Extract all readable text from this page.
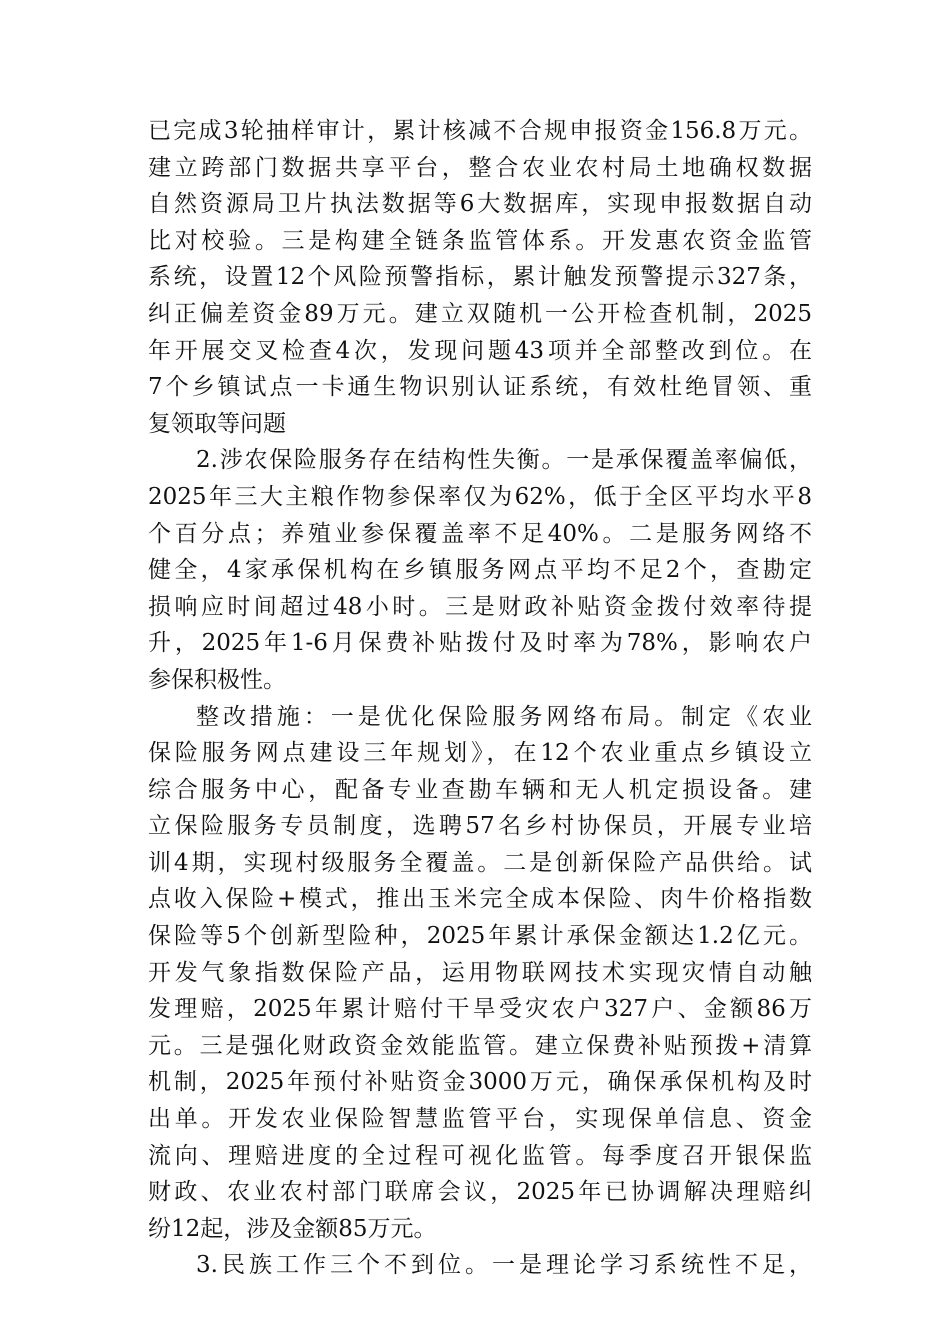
已完成3轮抽样审计，累计核减不合规申报资金156.8万元。
建立跨部门数据共享平台，整合农业农村局土地确权数据
自然资源局卫片执法数据等6大数据库，实现申报数据自动
比对校验。三是构建全链条监管体系。开发惠农资金监管
系统，设置12个风险预警指标，累计触发预警提示327条，
纠正偏差资金89万元。建立双随机一公开检查机制，2025
年开展交叉检查4次，发现问题43项并全部整改到位。在
7个乡镇试点一卡通生物识别认证系统，有效杜绝冒领、重
复领取等问题
2.涉农保险服务存在结构性失衡。一是承保覆盖率偏低，
2025年三大主粮作物参保率仅为62%，低于全区平均水平8
个百分点；养殖业参保覆盖率不足40%。二是服务网络不
健全，4家承保机构在乡镇服务网点平均不足2个，查勘定
损响应时间超过48小时。三是财政补贴资金拨付效率待提
升，2025年1-6月保费补贴拨付及时率为78%，影响农户
参保积极性。
整改措施：一是优化保险服务网络布局。制定《农业
保险服务网点建设三年规划》，在12个农业重点乡镇设立
综合服务中心，配备专业查勘车辆和无人机定损设备。建
立保险服务专员制度，选聘57名乡村协保员，开展专业培
训4期，实现村级服务全覆盖。二是创新保险产品供给。试
点收入保险+模式，推出玉米完全成本保险、肉牛价格指数
保险等5个创新型险种，2025年累计承保金额达1.2亿元。
开发气象指数保险产品，运用物联网技术实现灾情自动触
发理赔，2025年累计赔付干旱受灾农户327户、金额86万
元。三是强化财政资金效能监管。建立保费补贴预拨+清算
机制，2025年预付补贴资金3000万元，确保承保机构及时
出单。开发农业保险智慧监管平台，实现保单信息、资金
流向、理赔进度的全过程可视化监管。每季度召开银保监
财政、农业农村部门联席会议，2025年已协调解决理赔纠
纷12起，涉及金额85万元。
3.民族工作三个不到位。一是理论学习系统性不足，
